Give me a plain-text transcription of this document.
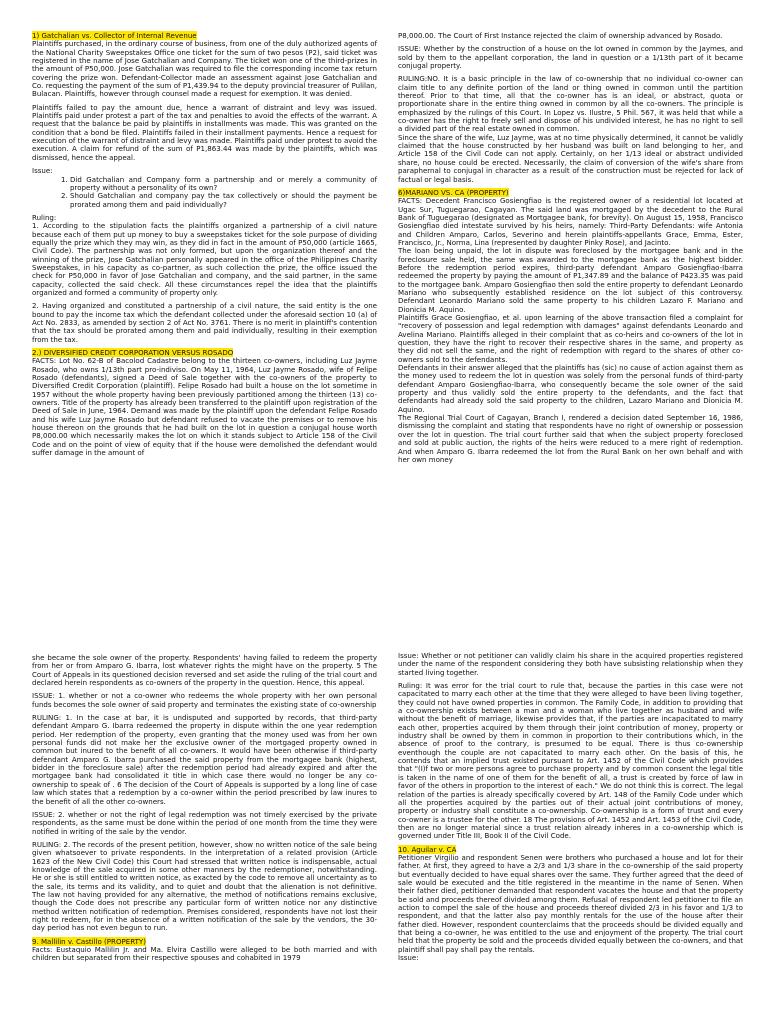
1) Gatchalian vs. Collector of Internal Revenue
Plaintiffs purchased, in the ordinary course of business, from one of the duly authorized agents of the National Charity Sweepstakes Office one ticket for the sum of two pesos (P2), said ticket was registered in the name of Jose Gatchalian and Company. The ticket won one of the third-prizes in the amount of P50,000. Jose Gatchalian was required to file the corresponding income tax return covering the prize won. Defendant-Collector made an assessment against Jose Gatchalian and Co. requesting the payment of the sum of P1,439.94 to the deputy provincial treasurer of Pulilan, Bulacan. Plaintiffs, however through counsel made a request for exemption. It was denied.

Plaintiffs failed to pay the amount due, hence a warrant of distraint and levy was issued. Plaintiffs paid under protest a part of the tax and penalties to avoid the effects of the warrant. A request that the balance be paid by plaintiffs in installments was made. This was granted on the condition that a bond be filed. Plaintiffs failed in their installment payments. Hence a request for execution of the warrant of distraint and levy was made. Plaintiffs paid under protest to avoid the execution. A claim for refund of the sum of P1,863.44 was made by the plaintiffs, which was dismissed, hence the appeal.

Issue:

1. Did Gatchalian and Company form a partnership and or merely a community of property without a personality of its own?
2. Should Gatchalian and company pay the tax collectively or should the payment be prorated among them and paid individually?

Ruling:

1. According to the stipulation facts the plaintiffs organized a partnership of a civil nature because each of them put up money to buy a sweepstakes ticket for the sole purpose of dividing equally the prize which they may win, as they did in fact in the amount of P50,000 (article 1665, Civil Code). The partnership was not only formed, but upon the organization thereof and the winning of the prize, Jose Gatchalian personally appeared in the office of the Philippines Charity Sweepstakes, in his capacity as co-partner, as such collection the prize, the office issued the check for P50,000 in favor of Jose Gatchalian and company, and the said partner, in the same capacity, collected the said check. All these circumstances repel the idea that the plaintiffs organized and formed a community of property only.

2. Having organized and constituted a partnership of a civil nature, the said entity is the one bound to pay the income tax which the defendant collected under the aforesaid section 10 (a) of Act No. 2833, as amended by section 2 of Act No. 3761. There is no merit in plaintiff's contention that the tax should be prorated among them and paid individually, resulting in their exemption from the tax.

2.) DIVERSIFIED CREDIT CORPORATION VERSUS ROSADO
FACTS: Lot No. 62-B of Bacolod Cadastre belong to the thirteen co-owners, including Luz Jayme Rosado, who owns 1/13th part pro-indiviso. On May 11, 1964, Luz Jayme Rosado, wife of Felipe Rosado (defendants), signed a Deed of Sale together with the co-owners of the property to Diversified Credit Corporation (plaintiff). Felipe Rosado had built a house on the lot sometime in 1957 without the whole property having been previously partitioned among the thirteen (13) co-owners. Title of the property has already been transferred to the plaintiff upon registration of the Deed of Sale in June, 1964. Demand was made by the plaintiff upon the defendant Felipe Rosado and his wife Luz Jayme Rosado but defendant refused to vacate the premises or to remove his house thereon on the grounds that he had built on the lot in question a conjugal house worth P8,000.00 which necessarily makes the lot on which it stands subject to Article 158 of the Civil Code and on the point of view of equity that if the house were demolished the defendant would suffer damage in the amount of

P8,000.00. The Court of First Instance rejected the claim of ownership advanced by Rosado.

ISSUE: Whether by the construction of a house on the lot owned in common by the Jaymes, and sold by them to the appellant corporation, the land in question or a 1/13th part of it became conjugal property.

RULING:NO. It is a basic principle in the law of co-ownership that no individual co-owner can claim title to any definite portion of the land or thing owned in common until the partition thereof. Prior to that time, all that the co-owner has is an ideal, or abstract, quota or proportionate share in the entire thing owned in common by all the co-owners. The principle is emphasized by the rulings of this Court. In Lopez vs. Ilustre, 5 Phil. 567, it was held that while a co-owner has the right to freely sell and dispose of his undivided interest, he has no right to sell a divided part of the real estate owned in common.

Since the share of the wife, Luz Jayme, was at no time physically determined, it cannot be validly claimed that the house constructed by her husband was built on land belonging to her, and Article 158 of the Civil Code can not apply. Certainly, on her 1/13 ideal or abstract undivided share, no house could be erected. Necessarily, the claim of conversion of the wife's share from paraphernal to conjugal in character as a result of the construction must be rejected for lack of factual or legal basis.

6)MARIANO VS. CA (PROPERTY)
FACTS: Decedent Francisco Gosiengfiao is the registered owner of a residential lot located at Ugac Sur, Tuguegarao, Cagayan. The said land was mortgaged by the decedent to the Rural Bank of Tuguegarao (designated as Mortgagee bank, for brevity). On August 15, 1958, Francisco Gosiengfiao died intestate survived by his heirs, namely: Third-Party Defendants: wife Antonia and Children Amparo, Carlos, Severino and herein plaintiffs-appellants Grace, Emma, Ester, Francisco, Jr., Norma, Lina (represented by daughter Pinky Rose), and Jacinto.

The loan being unpaid, the lot in dispute was foreclosed by the mortgagee bank and in the foreclosure sale held, the same was awarded to the mortgagee bank as the highest bidder. Before the redemption period expires, third-party defendant Amparo Gosiengfiao-Ibarra redeemed the property by paying the amount of P1,347.89 and the balance of P423.35 was paid to the mortgagee bank. Amparo Gosiengfiao then sold the entire property to defendant Leonardo Mariano who subsequently established residence on the lot subject of this controversy. Defendant Leonardo Mariano sold the same property to his children Lazaro F. Mariano and Dionicia M. Aquino.

Plaintiffs Grace Gosiengfiao, et al. upon learning of the above transaction filed a complaint for "recovery of possession and legal redemption with damages" against defendants Leonardo and Avelina Mariano. Plaintiffs alleged in their complaint that as co-heirs and co-owners of the lot in question, they have the right to recover their respective shares in the same, and property as they did not sell the same, and the right of redemption with regard to the shares of other co-owners sold to the defendants.

Defendants in their answer alleged that the plaintiffs has (sic) no cause of action against them as the money used to redeem the lot in question was solely from the personal funds of third-party defendant Amparo Gosiengfiao-Ibarra, who consequently became the sole owner of the said property and thus validly sold the entire property to the defendants, and the fact that defendants had already sold the said property to the children, Lazaro Mariano and Dionicia M. Aquino.

The Regional Trial Court of Cagayan, Branch I, rendered a decision dated September 16, 1986, dismissing the complaint and stating that respondents have no right of ownership or possession over the lot in question. The trial court further said that when the subject property foreclosed and sold at public auction, the rights of the heirs were reduced to a mere right of redemption. And when Amparo G. Ibarra redeemed the lot from the Rural Bank on her own behalf and with her own money

she became the sole owner of the property. Respondents' having failed to redeem the property from her or from Amparo G. Ibarra, lost whatever rights the might have on the property. 5 The Court of Appeals in its questioned decision reversed and set aside the ruling of the trial court and declared herein respondents as co-owners of the property in the question. Hence, this appeal.

ISSUE: 1. whether or not a co-owner who redeems the whole property with her own personal funds becomes the sole owner of said property and terminates the existing state of co-ownership

RULING: 1. In the case at bar, it is undisputed and supported by records, that third-party defendant Amparo G. Ibarra redeemed the property in dispute within the one year redemption period. Her redemption of the property, even granting that the money used was from her own personal funds did not make her the exclusive owner of the mortgaged property owned in common but inured to the benefit of all co-owners. It would have been otherwise if third-party defendant Amparo G. Ibarra purchased the said property from the mortgagee bank (highest, bidder in the foreclosure sale) after the redemption period had already expired and after the mortgagee bank had consolidated it title in which case there would no longer be any co-ownership to speak of . 6 The decision of the Court of Appeals is supported by a long line of case law which states that a redemption by a co-owner within the period prescribed by law inures to the benefit of all the other co-owners.

ISSUE: 2. whether or not the right of legal redemption was not timely exercised by the private respondents, as the same must be done within the period of one month from the time they were notified in writing of the sale by the vendor.

RULING: 2. The records of the present petition, however, show no written notice of the sale being given whatsoever to private respondents. In the interpretation of a related provision (Article 1623 of the New Civil Code) this Court had stressed that written notice is indispensable, actual knowledge of the sale acquired in some other manners by the redemptioner, notwithstanding. He or she is still entitled to written notice, as exacted by the code to remove all uncertainty as to the sale, its terms and its validity, and to quiet and doubt that the alienation is not definitive. The law not having provided for any alternative, the method of notifications remains exclusive, though the Code does not prescribe any particular form of written notice nor any distinctive method written notification of redemption. Premises considered, respondents have not lost their right to redeem, for in the absence of a written notification of the sale by the vendors, the 30-day period has not even begun to run.

9. Mallilin v. Castillo (PROPERTY)
Facts: Eustaquio Mallilin Jr. and Ma. Elvira Castillo were alleged to be both married and with children but separated from their respective spouses and cohabited in 1979

Issue: Whether or not petitioner can validly claim his share in the acquired properties registered under the name of the respondent considering they both have subsisting relationship when they started living together.

Ruling: It was error for the trial court to rule that, because the parties in this case were not capacitated to marry each other at the time that they were alleged to have been living together, they could not have owned properties in common. The Family Code, in addition to providing that a co-ownership exists between a man and a woman who live together as husband and wife without the benefit of marriage, likewise provides that, if the parties are incapacitated to marry each other, properties acquired by them through their joint contribution of money, property or industry shall be owned by them in common in proportion to their contributions which, in the absence of proof to the contrary, is presumed to be equal. There is thus co-ownership eventhough the couple are not capacitated to marry each other. On the basis of this, he contends that an implied trust existed pursuant to Art. 1452 of the Civil Code which provides that "(I)f two or more persons agree to purchase property and by common consent the legal title is taken in the name of one of them for the benefit of all, a trust is created by force of law in favor of the others in proportion to the interest of each." We do not think this is correct. The legal relation of the parties is already specifically covered by Art. 148 of the Family Code under which all the properties acquired by the parties out of their actual joint contributions of money, property or industry shall constitute a co-ownership. Co-ownership is a form of trust and every co-owner is a trustee for the other. 18 The provisions of Art. 1452 and Art. 1453 of the Civil Code, then are no longer material since a trust relation already inheres in a co-ownership which is governed under Title III, Book II of the Civil Code.

10. Aguilar v. CA
Petitioner Virgilio and respondent Senen were brothers who purchased a house and lot for their father. At first, they agreed to have a 2/3 and 1/3 share in the co-ownership of the said property but eventually decided to have equal shares over the same. They further agreed that the deed of sale would be executed and the title registered in the meantime in the name of Senen. When their father died, petitioner demanded that respondent vacates the house and that the property be sold and proceeds thereof divided among them. Refusal of respondent led petitioner to file an action to compel the sale of the house and proceeds thereof divided 2/3 in his favor and 1/3 to respondent, and that the latter also pay monthly rentals for the use of the house after their father died. However, respondent counterclaims that the proceeds should be divided equally and that being a co-owner, he was entitled to the use and enjoyment of the property. The trial court held that the property be sold and the proceeds divided equally between the co-owners, and that plaintiff shall pay shall pay the rentals.

Issue:
